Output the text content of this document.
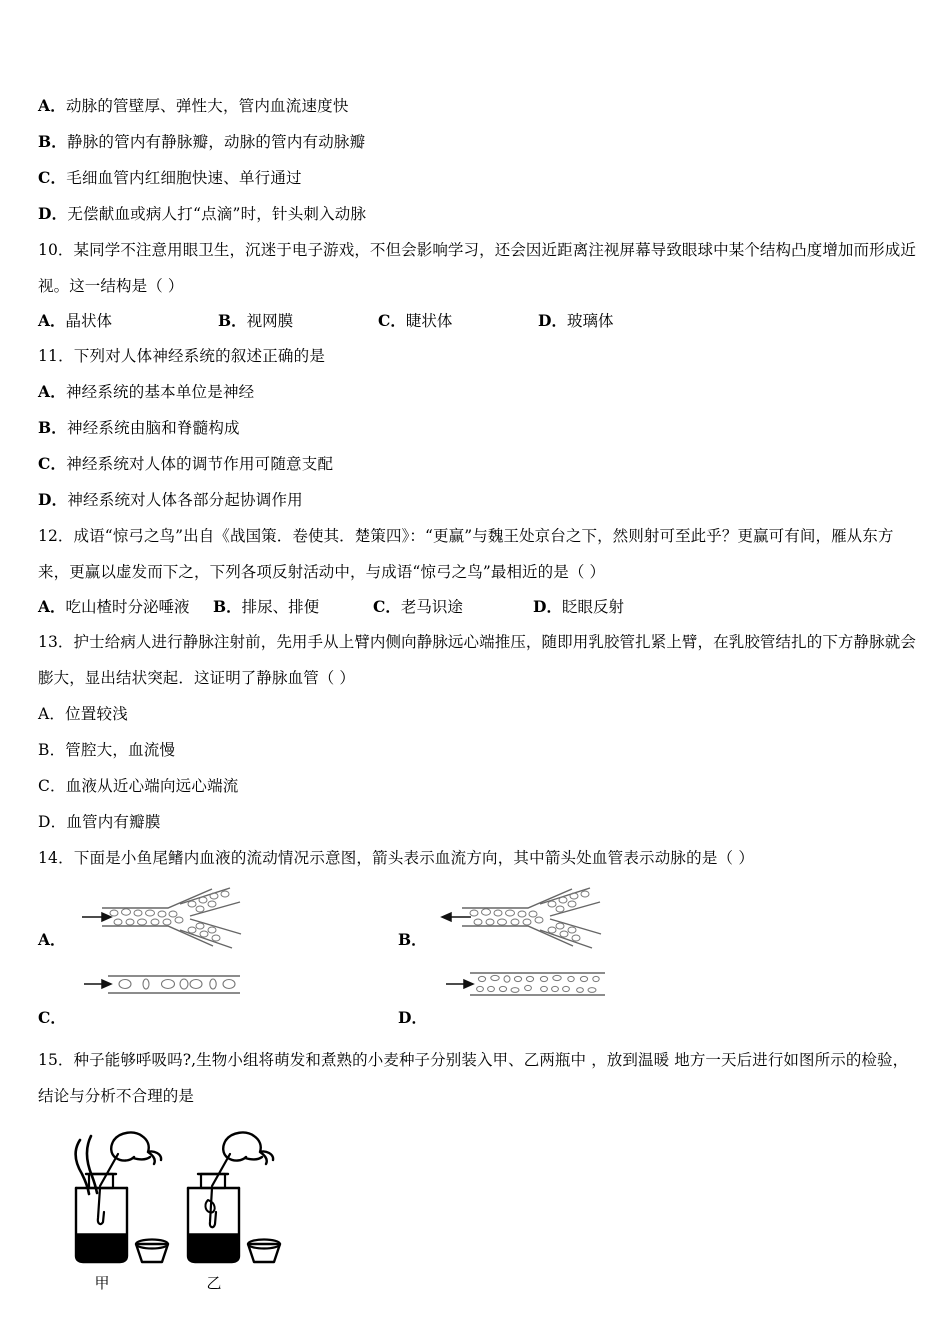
A．动脉的管壁厚、弹性大，管内血流速度快
B．静脉的管内有静脉瓣，动脉的管内有动脉瓣
C．毛细血管内红细胞快速、单行通过
D．无偿献血或病人打“点滴”时，针头刺入动脉
10．某同学不注意用眼卫生，沉迷于电子游戏，不但会影响学习，还会因近距离注视屏幕导致眼球中某个结构凸度增加而形成近视。这一结构是（ ）
A．晶状体	B．视网膜	C．睫状体	D．玻璃体
11．下列对人体神经系统的叙述正确的是
A．神经系统的基本单位是神经
B．神经系统由脑和脊髓构成
C．神经系统对人体的调节作用可随意支配
D．神经系统对人体各部分起协调作用
12．成语“惊弓之鸟”出自《战国策．卷使其．楚策四》：“更赢”与魏王处京台之下，然则射可至此乎？更赢可有间，雁从东方来，更赢以虚发而下之，下列各项反射活动中，与成语“惊弓之鸟”最相近的是（ ）
A．吃山楂时分泌唾液 B．排尿、排便	C．老马识途	D．眨眼反射
13．护士给病人进行静脉注射前，先用手从上臂内侧向静脉远心端推压，随即用乳胶管扎紧上臂，在乳胶管结扎的下方静脉就会膨大，显出结状突起．这证明了静脉血管（ ）
A．位置较浅
B．管腔大，血流慢
C．血液从近心端向远心端流
D．血管内有瓣膜
14．下面是小鱼尾鳍内血液的流动情况示意图，箭头表示血流方向，其中箭头处血管表示动脉的是（ ）
A．	B．
C．	D．
15．种子能够呼吸吗?,生物小组将萌发和煮熟的小麦种子分别装入甲、乙两瓶中 ，放到温暖 地方一天后进行如图所示的检验，结论与分析不合理的是
甲	乙
